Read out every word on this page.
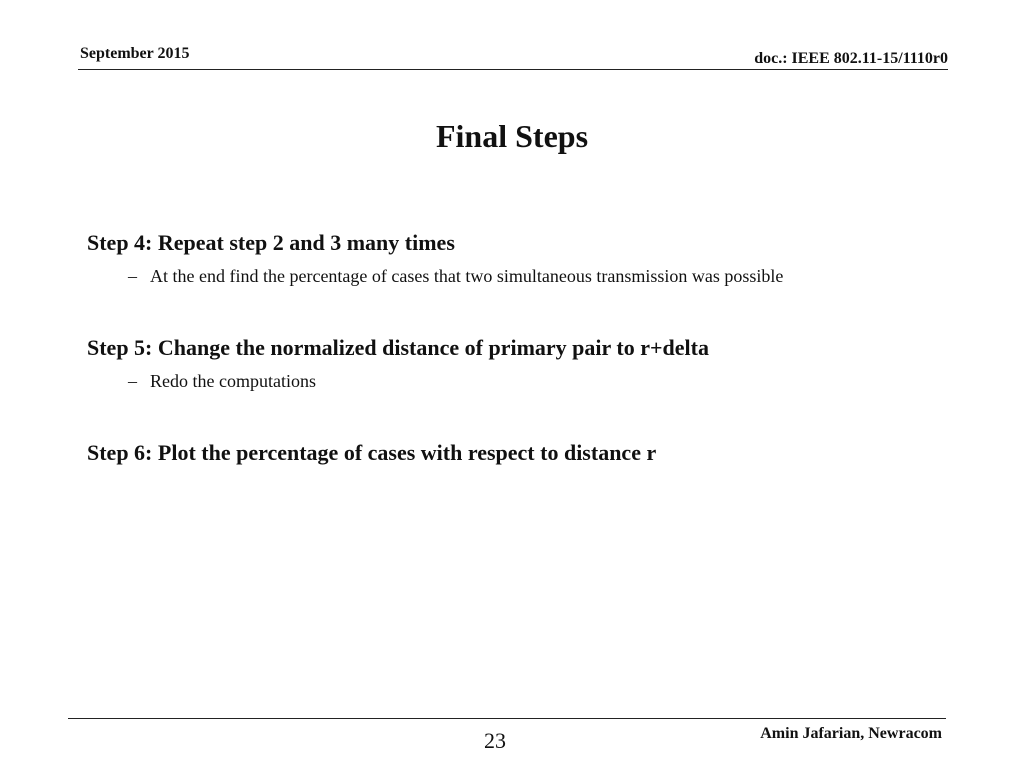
September 2015	doc.: IEEE 802.11-15/1110r0
Final Steps
Step 4: Repeat step 2 and 3 many times
– At the end find the percentage of cases that two simultaneous transmission was possible
Step 5: Change the normalized distance of primary pair to r+delta
– Redo the computations
Step 6: Plot the percentage of cases with respect to distance r
23	Amin Jafarian, Newracom
